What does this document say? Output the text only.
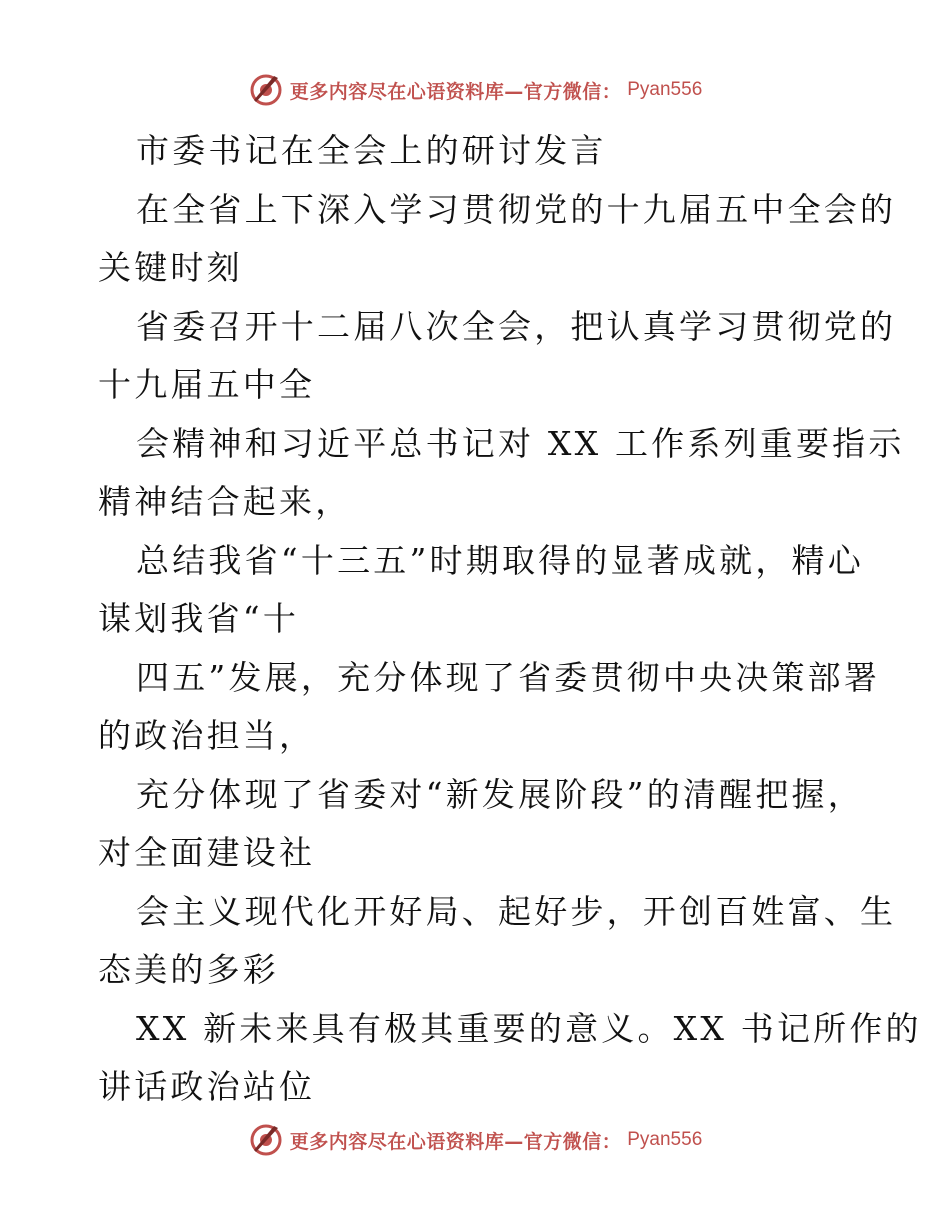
更多内容尽在心语资料库—官方微信： Pyan556
市委书记在全会上的研讨发言
在全省上下深入学习贯彻党的十九届五中全会的
关键时刻
省委召开十二届八次全会，把认真学习贯彻党的
十九届五中全
会精神和习近平总书记对 XX 工作系列重要指示
精神结合起来，
总结我省“十三五”时期取得的显著成就，精心
谋划我省“十
四五”发展，充分体现了省委贯彻中央决策部署
的政治担当，
充分体现了省委对“新发展阶段”的清醒把握，
对全面建设社
会主义现代化开好局、起好步，开创百姓富、生
态美的多彩
XX 新未来具有极其重要的意义。XX 书记所作的
讲话政治站位
更多内容尽在心语资料库—官方微信： Pyan556
